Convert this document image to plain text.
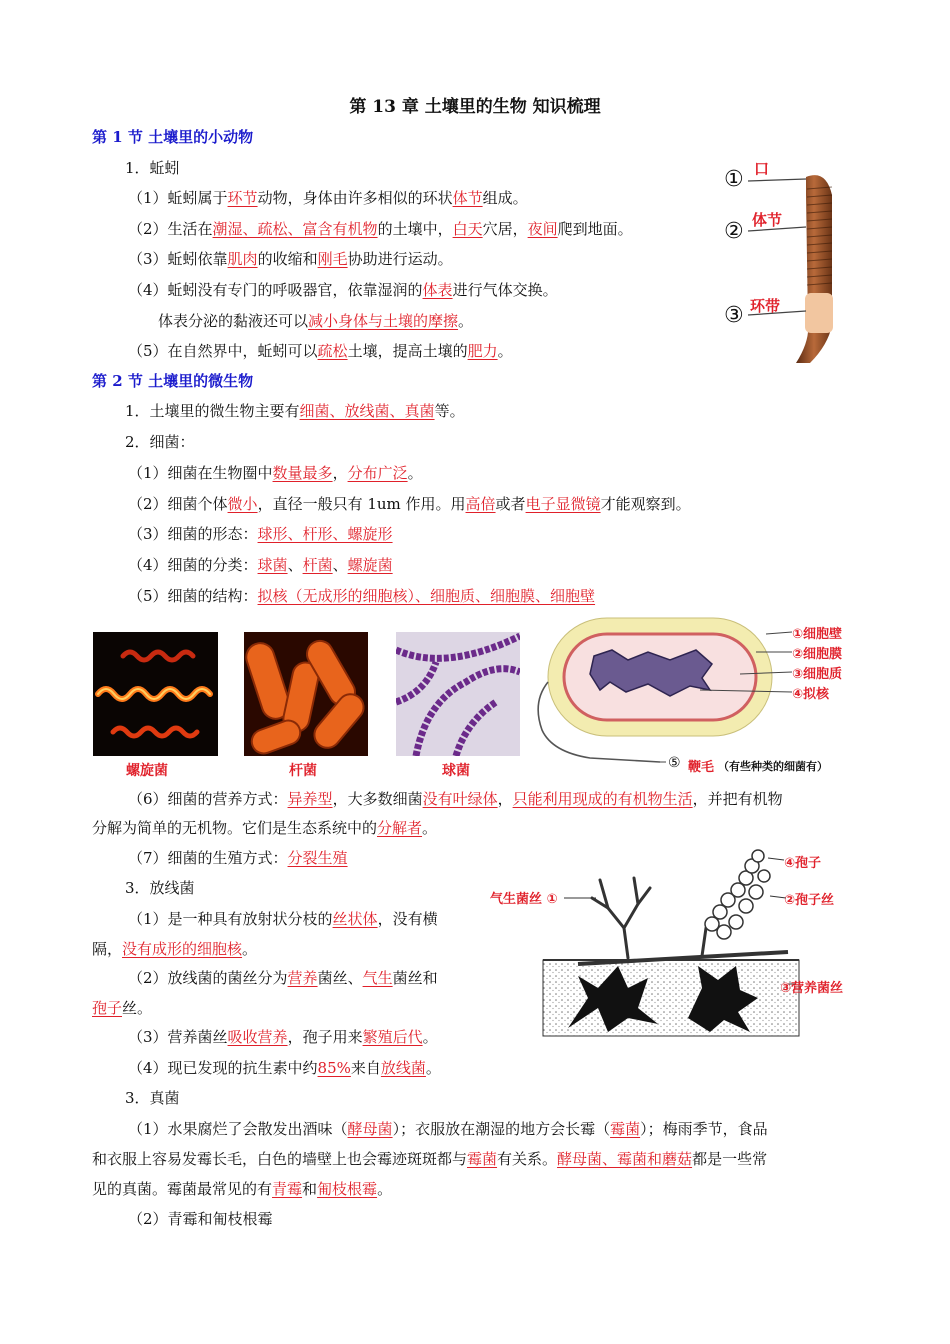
第 13 章 土壤里的生物 知识梳理
第 1 节 土壤里的小动物
1．蚯蚓
（1）蚯蚓属于环节动物，身体由许多相似的环状体节组成。
（2）生活在潮湿、疏松、富含有机物的土壤中，白天穴居，夜间爬到地面。
（3）蚯蚓依靠肌肉的收缩和刚毛协助进行运动。
（4）蚯蚓没有专门的呼吸器官，依靠湿润的体表进行气体交换。
体表分泌的黏液还可以减小身体与土壤的摩擦。
（5）在自然界中，蚯蚓可以疏松土壤，提高土壤的肥力。
① 口
② 体节
③ 环带
第 2 节 土壤里的微生物
1．土壤里的微生物主要有细菌、放线菌、真菌等。
2．细菌：
（1）细菌在生物圈中数量最多，分布广泛。
（2）细菌个体微小，直径一般只有 1um 作用。用高倍或者电子显微镜才能观察到。
（3）细菌的形态：球形、杆形、螺旋形
（4）细菌的分类：球菌、杆菌、螺旋菌
（5）细菌的结构：拟核（无成形的细胞核）、细胞质、细胞膜、细胞壁
螺旋菌	杆菌	球菌
①细胞壁
②细胞膜
③细胞质
④拟核
⑤ 鞭毛 （有些种类的细菌有）
（6）细菌的营养方式：异养型，大多数细菌没有叶绿体，只能利用现成的有机物生活，并把有机物
分解为简单的无机物。它们是生态系统中的分解者。
（7）细菌的生殖方式：分裂生殖
3．放线菌
（1）是一种具有放射状分枝的丝状体，没有横
隔，没有成形的细胞核。
（2）放线菌的菌丝分为营养菌丝、气生菌丝和
孢子丝。
（3）营养菌丝吸收营养，孢子用来繁殖后代。
（4）现已发现的抗生素中约85%来自放线菌。
气生菌丝 ①
④孢子
②孢子丝
③营养菌丝
3．真菌
（1）水果腐烂了会散发出酒味（酵母菌）；衣服放在潮湿的地方会长霉（霉菌）；梅雨季节，食品
和衣服上容易发霉长毛，白色的墙壁上也会霉迹斑斑都与霉菌有关系。酵母菌、霉菌和蘑菇都是一些常
见的真菌。霉菌最常见的有青霉和匍枝根霉。
（2）青霉和匍枝根霉
